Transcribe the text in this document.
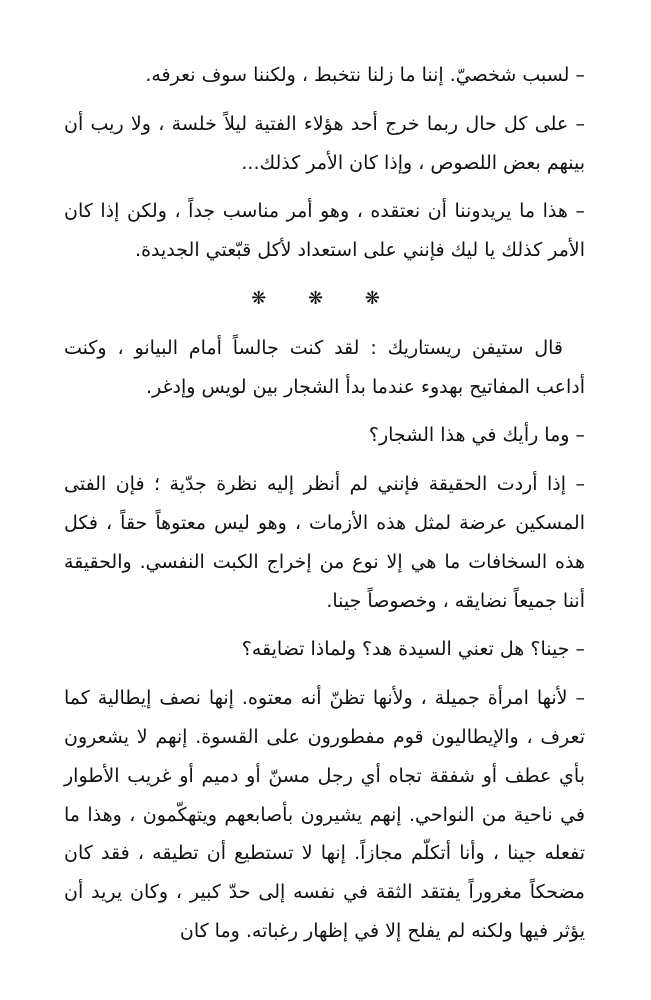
– لسبب شخصيّ. إننا ما زلنا نتخبط ، ولكننا سوف نعرفه.

– على كل حال ربما خرج أحد هؤلاء الفتية ليلاً خلسة ، ولا ريب أن بينهم بعض اللصوص ، وإذا كان الأمر كذلك...

– هذا ما يريدوننا أن نعتقده ، وهو أمر مناسب جداً ، ولكن إذا كان الأمر كذلك يا ليك فإنني على استعداد لأكل قبّعتي الجديدة.

❋ ❋ ❋

قال ستيفن ريستاريك : لقد كنت جالساً أمام البيانو ، وكنت أداعب المفاتيح بهدوء عندما بدأ الشجار بين لويس وإدغر.

– وما رأيك في هذا الشجار؟

– إذا أردت الحقيقة فإنني لم أنظر إليه نظرة جدّية ؛ فإن الفتى المسكين عرضة لمثل هذه الأزمات ، وهو ليس معتوهاً حقاً ، فكل هذه السخافات ما هي إلا نوع من إخراج الكبت النفسي. والحقيقة أننا جميعاً نضايقه ، وخصوصاً جينا.

– جينا؟ هل تعني السيدة هد؟ ولماذا تضايقه؟

– لأنها امرأة جميلة ، ولأنها تظنّ أنه معتوه. إنها نصف إيطالية كما تعرف ، والإيطاليون قوم مفطورون على القسوة. إنهم لا يشعرون بأي عطف أو شفقة تجاه أي رجل مسنّ أو دميم أو غريب الأطوار في ناحية من النواحي. إنهم يشيرون بأصابعهم ويتهكّمون ، وهذا ما تفعله جينا ، وأنا أتكلّم مجازاً. إنها لا تستطيع أن تطيقه ، فقد كان مضحكاً مغروراً يفتقد الثقة في نفسه إلى حدّ كبير ، وكان يريد أن يؤثر فيها ولكنه لم يفلح إلا في إظهار رغباته. وما كان
